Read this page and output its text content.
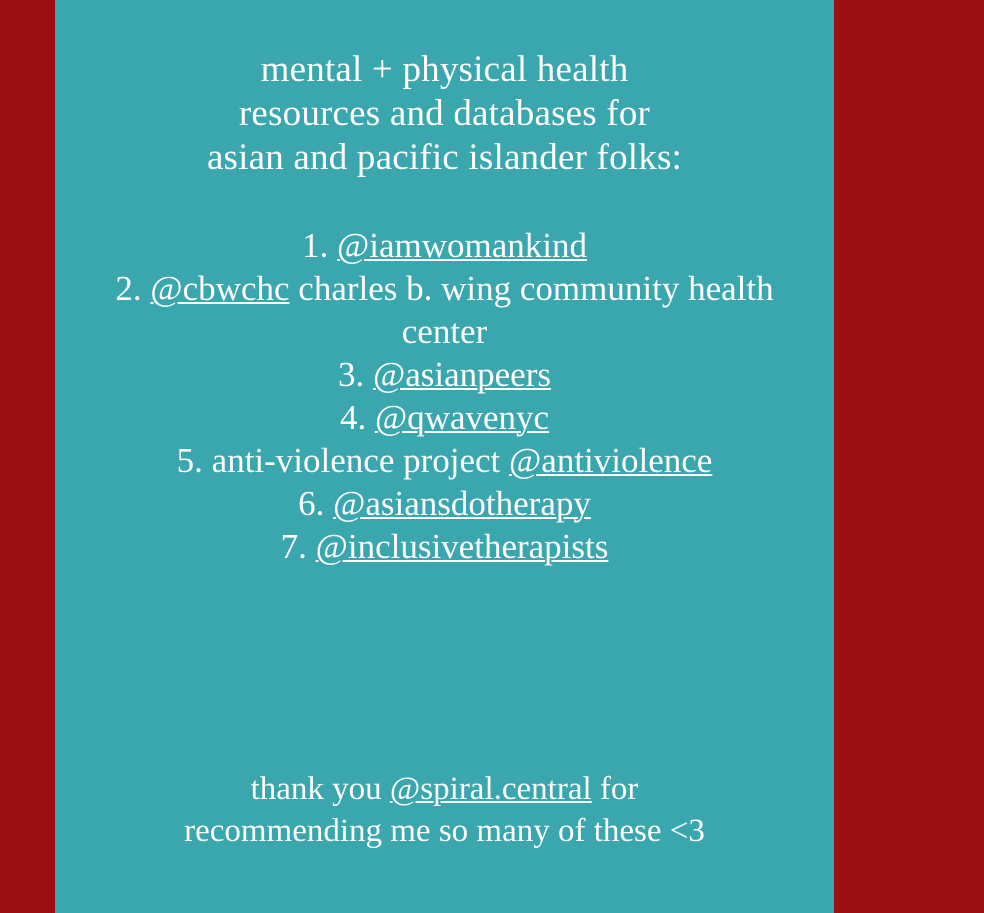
mental + physical health
resources and databases for
asian and pacific islander folks:
1. @iamwomankind
2. @cbwchc charles b. wing community health center
3. @asianpeers
4. @qwavenyc
5. anti-violence project @antiviolence
6. @asiansdotherapy
7. @inclusivetherapists
thank you @spiral.central for
recommending me so many of these <3
